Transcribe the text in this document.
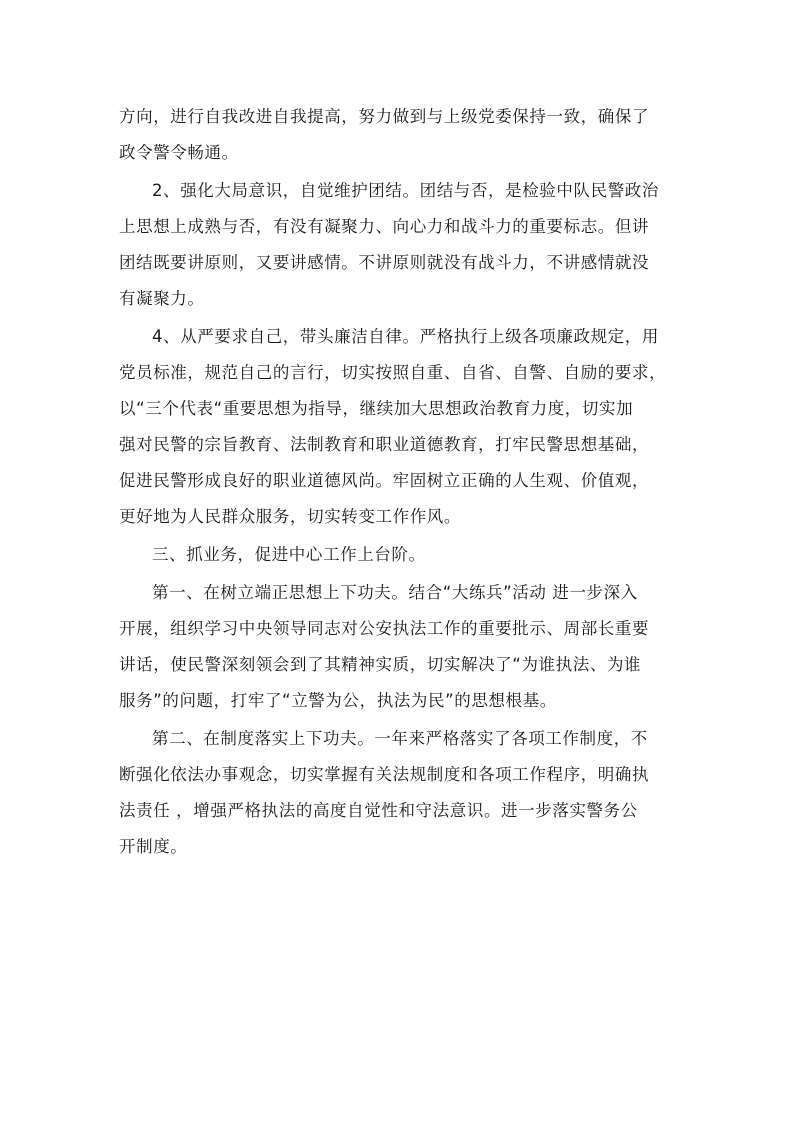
方向，进行自我改进自我提高，努力做到与上级党委保持一致，确保了
政令警令畅通。
2、强化大局意识，自觉维护团结。团结与否，是检验中队民警政治
上思想上成熟与否，有没有凝聚力、向心力和战斗力的重要标志。但讲
团结既要讲原则，又要讲感情。不讲原则就没有战斗力，不讲感情就没
有凝聚力。
4、从严要求自己，带头廉洁自律。严格执行上级各项廉政规定，用
党员标准，规范自己的言行，切实按照自重、自省、自警、自励的要求，
以“三个代表“重要思想为指导，继续加大思想政治教育力度，切实加
强对民警的宗旨教育、法制教育和职业道德教育，打牢民警思想基础，
促进民警形成良好的职业道德风尚。牢固树立正确的人生观、价值观，
更好地为人民群众服务，切实转变工作作风。
三、抓业务，促进中心工作上台阶。
第一、在树立端正思想上下功夫。结合“大练兵”活动 进一步深入
开展，组织学习中央领导同志对公安执法工作的重要批示、周部长重要
讲话，使民警深刻领会到了其精神实质，切实解决了“为谁执法、为谁
服务”的问题，打牢了“立警为公，执法为民”的思想根基。
第二、在制度落实上下功夫。一年来严格落实了各项工作制度，不
断强化依法办事观念，切实掌握有关法规制度和各项工作程序，明确执
法责任 ，增强严格执法的高度自觉性和守法意识。进一步落实警务公
开制度。
